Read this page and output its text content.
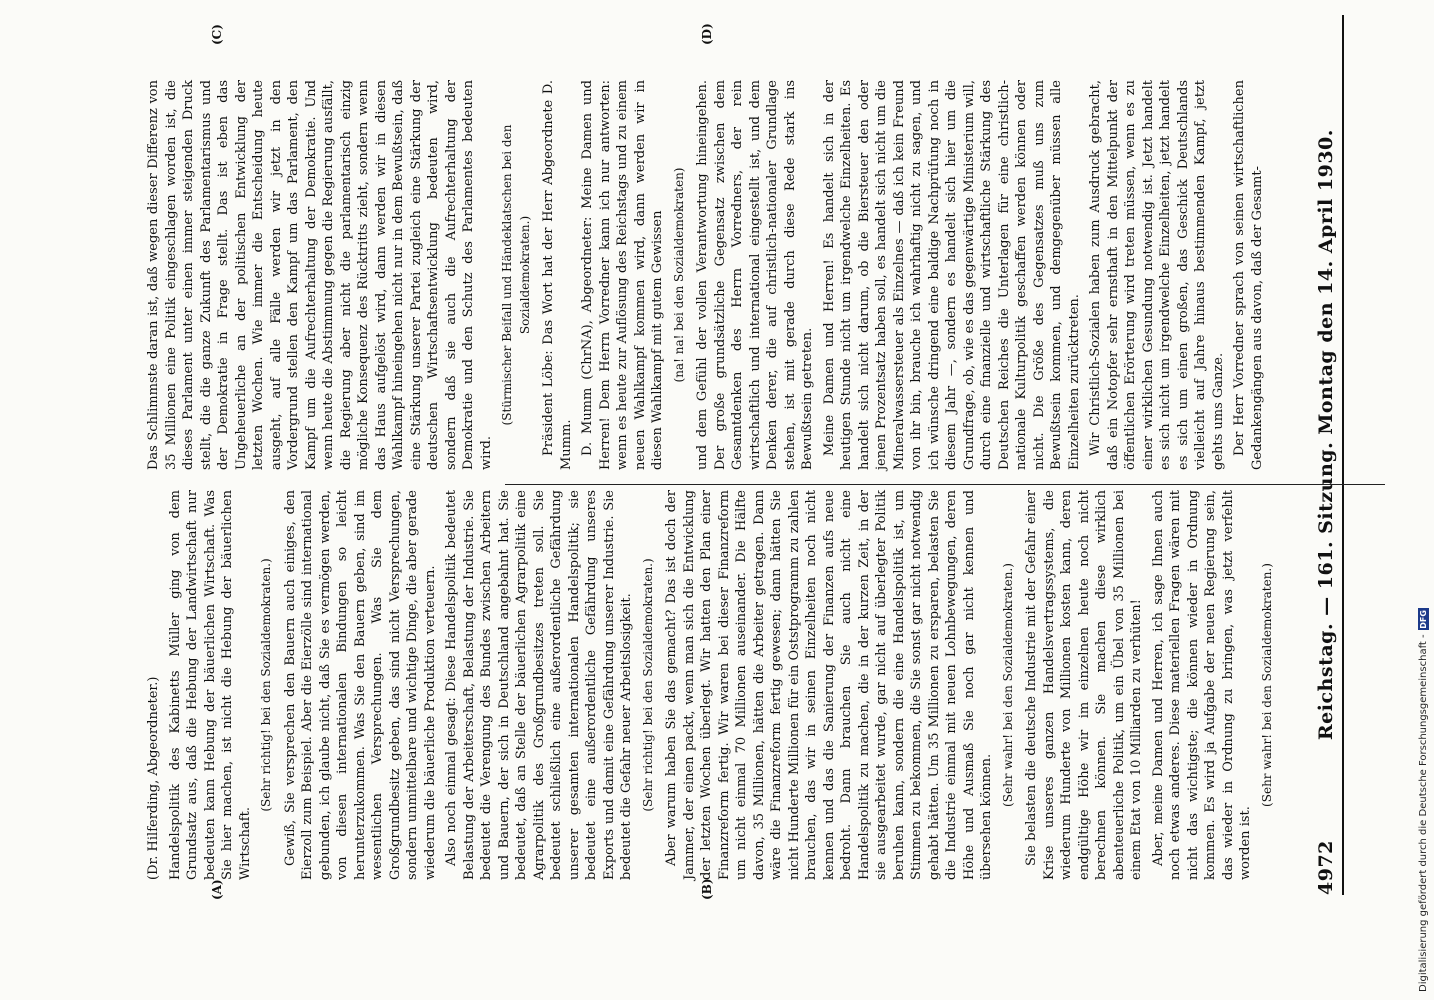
4972
Reichstag. — 161. Sitzung. Montag den 14. April 1930.

(Dr. Hilferding, Abgeordneter.) Handelspolitik des Kabinetts Müller ging von dem Grundsatz aus, daß die Hebung der Landwirtschaft nur bedeuten kann Hebung der bäuerlichen Wirtschaft. Was Sie hier machen, ist nicht die Hebung der bäuerlichen Wirtschaft.

(Sehr richtig! bei den Sozialdemokraten.) Gewiß, Sie versprechen den Bauern auch einiges, den Eierzoll zum Beispiel. Aber die Eierzölle sind international gebunden, ich glaube nicht, daß Sie es vermögen werden, von diesen internationalen Bindungen so leicht herunterzukommen. Was Sie den Bauern geben, sind im wesentlichen Versprechungen. Was Sie dem Großgrundbesitz geben, das sind nicht Versprechungen, sondern unmittelbare und wichtige Dinge, die aber gerade wiederum die bäuerliche Produktion verteuern. Also noch einmal gesagt: Diese Handelspolitik bedeutet Belastung der Arbeiterschaft, Belastung der Industrie. Sie bedeutet die Verengung des Bundes zwischen Arbeitern und Bauern, der sich in Deutschland angebahnt hat. Sie bedeutet, daß an Stelle der bäuerlichen Agrarpolitik eine Agrarpolitik des Großgrundbesitzes treten soll. Sie bedeutet schließlich eine außerordentliche Gefährdung unserer gesamten internationalen Handelspolitik; sie bedeutet eine außerordentliche Gefährdung unseres Exports und damit eine Gefährdung unserer Industrie. Sie bedeutet die Gefahr neuer Arbeitslosigkeit. (Sehr richtig! bei den Sozialdemokraten.) Aber warum haben Sie das gemacht? Das ist doch der Jammer, der einen packt, wenn man sich die Entwicklung der letzten Wochen überlegt. Wir hatten den Plan einer Finanzreform fertig. Wir waren bei dieser Finanzreform um nicht einmal 70 Millionen auseinander. Die Hälfte davon, 35 Millionen, hätten die Arbeiter getragen. Dann wäre die Finanzreform fertig gewesen; dann hätten Sie nicht Hunderte Millionen für ein Oststprogramm zu zahlen brauchen, das wir in seinen Einzelheiten noch nicht kennen und das die Sanierung der Finanzen aufs neue bedroht. Dann brauchen Sie auch nicht eine Handelspolitik zu machen, die in der kurzen Zeit, in der sie ausgearbeitet wurde, gar nicht auf überlegter Politik beruhen kann, sondern die eine Handelspolitik ist, um Stimmen zu bekommen, die Sie sonst gar nicht notwendig gehabt hätten. Um 35 Millionen zu ersparen, belasten Sie die Industrie einmal mit neuen Lohnbewegungen, deren Höhe und Ausmaß Sie noch gar nicht kennen und übersehen können.

(Sehr wahr! bei den Sozialdemokraten.) Sie belasten die deutsche Industrie mit der Gefahr einer Krise unseres ganzen Handelsvertragssystems, die wiederum Hunderte von Millionen kosten kann, deren endgültige Höhe wir im einzelnen heute noch nicht berechnen können. Sie machen diese wirklich abenteuerliche Politik, um ein Übel von 35 Millionen bei einem Etat von 10 Milliarden zu verhüten! Aber, meine Damen und Herren, ich sage Ihnen auch noch etwas anderes. Diese materiellen Fragen wären mit nicht das wichtigste; die können wieder in Ordnung kommen. Es wird ja Aufgabe der neuen Regierung sein, das wieder in Ordnung zu bringen, was jetzt verfehlt worden ist.

(Sehr wahr! bei den Sozialdemokraten.)

Das Schlimmste daran ist, daß wegen dieser Differenz von 35 Millionen eine Politik eingeschlagen worden ist, die dieses Parlament unter einen immer steigenden Druck stellt, die die ganze Zukunft des Parlamentarismus und der Demokratie in Frage stellt. Das ist eben das Ungeheuerliche an der politischen Entwicklung der letzten Wochen. Wie immer die Entscheidung heute ausgeht, auf alle Fälle werden wir jetzt in den Vordergrund stellen den Kampf um das Parlament, den Kampf um die Aufrechterhaltung der Demokratie. Und wenn heute die Abstimmung gegen die Regierung ausfällt, die Regierung aber nicht die parlamentarisch einzig mögliche Konsequenz des Rücktritts zieht, sondern wenn das Haus aufgelöst wird, dann werden wir in diesen Wahlkampf hineingehen nicht nur in dem Bewußtsein, daß eine Stärkung unserer Partei zugleich eine Stärkung der deutschen Wirtschaftsentwicklung bedeuten wird, sondern daß sie auch die Aufrechterhaltung der Demokratie und den Schutz des Parlamentes bedeuten wird.

(Stürmischer Beifall und Händeklatschen bei den Sozialdemokraten.) Präsident Löbe: Das Wort hat der Herr Abgeordnete D. Mumm. D. Mumm (ChrNA), Abgeordneter: Meine Damen und Herren! Dem Herrn Vorredner kann ich nur antworten: wenn es heute zur Auflösung des Reichstags und zu einem neuen Wahlkampf kommen wird, dann werden wir in diesen Wahlkampf mit gutem Gewissen (na! na! bei den Sozialdemokraten) und dem Gefühl der vollen Verantwortung hineingehen. Der große grundsätzliche Gegensatz zwischen dem Gesamtdenken des Herrn Vorredners, der rein wirtschaftlich und international eingestellt ist, und dem Denken derer, die auf christlich-nationaler Grundlage stehen, ist mit gerade durch diese Rede stark ins Bewußtsein getreten. Meine Damen und Herren! Es handelt sich in der heutigen Stunde nicht um irgendwelche Einzelheiten. Es handelt sich nicht darum, ob die Biersteuer den oder jenen Prozentsatz haben soll, es handelt sich nicht um die Mineralwassersteuer als Einzelnes — daß ich kein Freund von ihr bin, brauche ich wahrhaftig nicht zu sagen, und ich wünsche dringend eine baldige Nachprüfung noch in diesem Jahr —, sondern es handelt sich hier um die Grundfrage, ob, wie es das gegenwärtige Ministerium will, durch eine finanzielle und wirtschaftliche Stärkung des Deutschen Reiches die Unterlagen für eine christlich-nationale Kulturpolitik geschaffen werden können oder nicht. Die Größe des Gegensatzes muß uns zum Bewußtsein kommen, und demgegenüber müssen alle Einzelheiten zurücktreten. Wir Christlich-Sozialen haben zum Ausdruck gebracht, daß ein Notopfer sehr ernsthaft in den Mittelpunkt der öffentlichen Erörterung wird treten müssen, wenn es zu einer wirklichen Gesundung notwendig ist. Jetzt handelt es sich nicht um irgendwelche Einzelheiten, jetzt handelt es sich um einen großen, das Geschick Deutschlands vielleicht auf Jahre hinaus bestimmenden Kampf, jetzt gehts ums Ganze. Der Herr Vorredner sprach von seinen wirtschaftlichen Gedankengängen aus davon, daß der Gesamt-

(A)	(B)
(C)	(D)
Digitalisierung gefördert durch die Deutsche Forschungsgemeinschaft -
DFG
